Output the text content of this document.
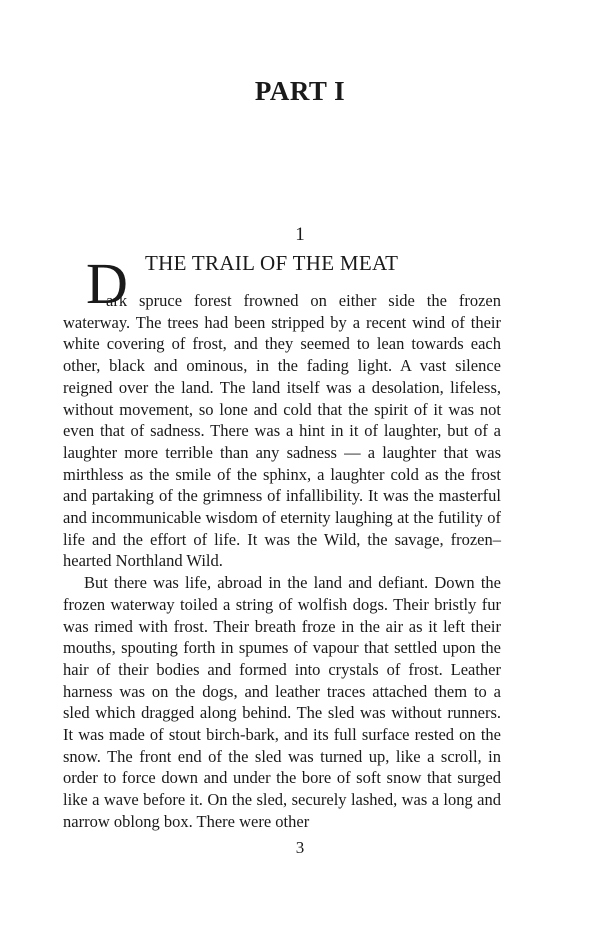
PART I
1
THE TRAIL OF THE MEAT
D

ark spruce forest frowned on either side the frozen waterway. The trees had been stripped by a recent wind of their white covering of frost, and they seemed to lean towards each other, black and ominous, in the fading light. A vast silence reigned over the land. The land itself was a desolation, lifeless, without movement, so lone and cold that the spirit of it was not even that of sadness. There was a hint in it of laughter, but of a laughter more terrible than any sadness — a laughter that was mirthless as the smile of the sphinx, a laughter cold as the frost and partaking of the grimness of infallibility. It was the masterful and incommunicable wisdom of eternity laughing at the futility of life and the effort of life. It was the Wild, the savage, frozen–hearted Northland Wild.

But there was life, abroad in the land and defiant. Down the frozen waterway toiled a string of wolfish dogs. Their bristly fur was rimed with frost. Their breath froze in the air as it left their mouths, spouting forth in spumes of vapour that settled upon the hair of their bodies and formed into crystals of frost. Leather harness was on the dogs, and leather traces attached them to a sled which dragged along behind. The sled was without runners. It was made of stout birch-bark, and its full surface rested on the snow. The front end of the sled was turned up, like a scroll, in order to force down and under the bore of soft snow that surged like a wave before it. On the sled, securely lashed, was a long and narrow oblong box. There were other

3
